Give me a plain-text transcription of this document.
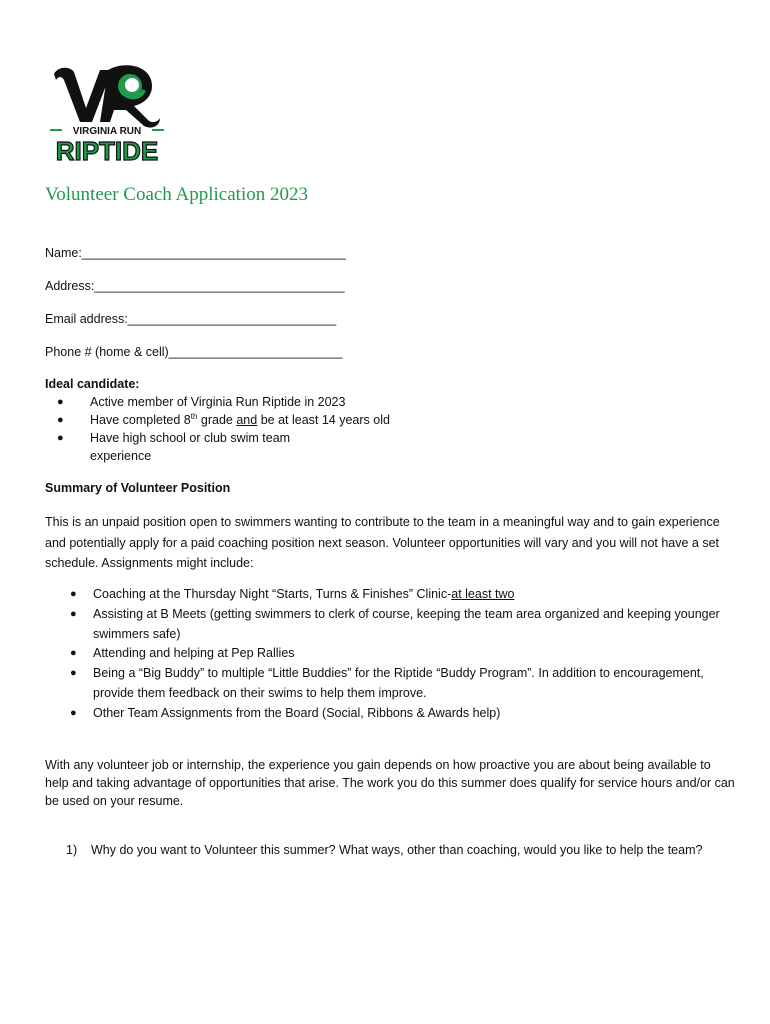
VIRGINIA RUN
RIPTIDE
Volunteer Coach Application 2023
Name:______________________________________
Address:____________________________________
Email address:______________________________
Phone # (home & cell)_________________________

Ideal candidate:

● Active member of Virginia Run Riptide in 2023
● Have completed 8th grade and be at least 14 years old
● Have high school or club swim team
experience

Summary of Volunteer Position

This is an unpaid position open to swimmers wanting to contribute to the team in a meaningful way and to gain experience and potentially apply for a paid coaching position next season. Volunteer opportunities will vary and you will not have a set schedule. Assignments might include:

● Coaching at the Thursday Night “Starts, Turns & Finishes” Clinic-at least two
● Assisting at B Meets (getting swimmers to clerk of course, keeping the team area organized and keeping younger swimmers safe)
● Attending and helping at Pep Rallies
● Being a “Big Buddy” to multiple “Little Buddies” for the Riptide “Buddy Program”. In addition to encouragement, provide them feedback on their swims to help them improve.
● Other Team Assignments from the Board (Social, Ribbons & Awards help)

With any volunteer job or internship, the experience you gain depends on how proactive you are about being available to help and taking advantage of opportunities that arise. The work you do this summer does qualify for service hours and/or can be used on your resume.

1) Why do you want to Volunteer this summer? What ways, other than coaching, would you like to help the team?
